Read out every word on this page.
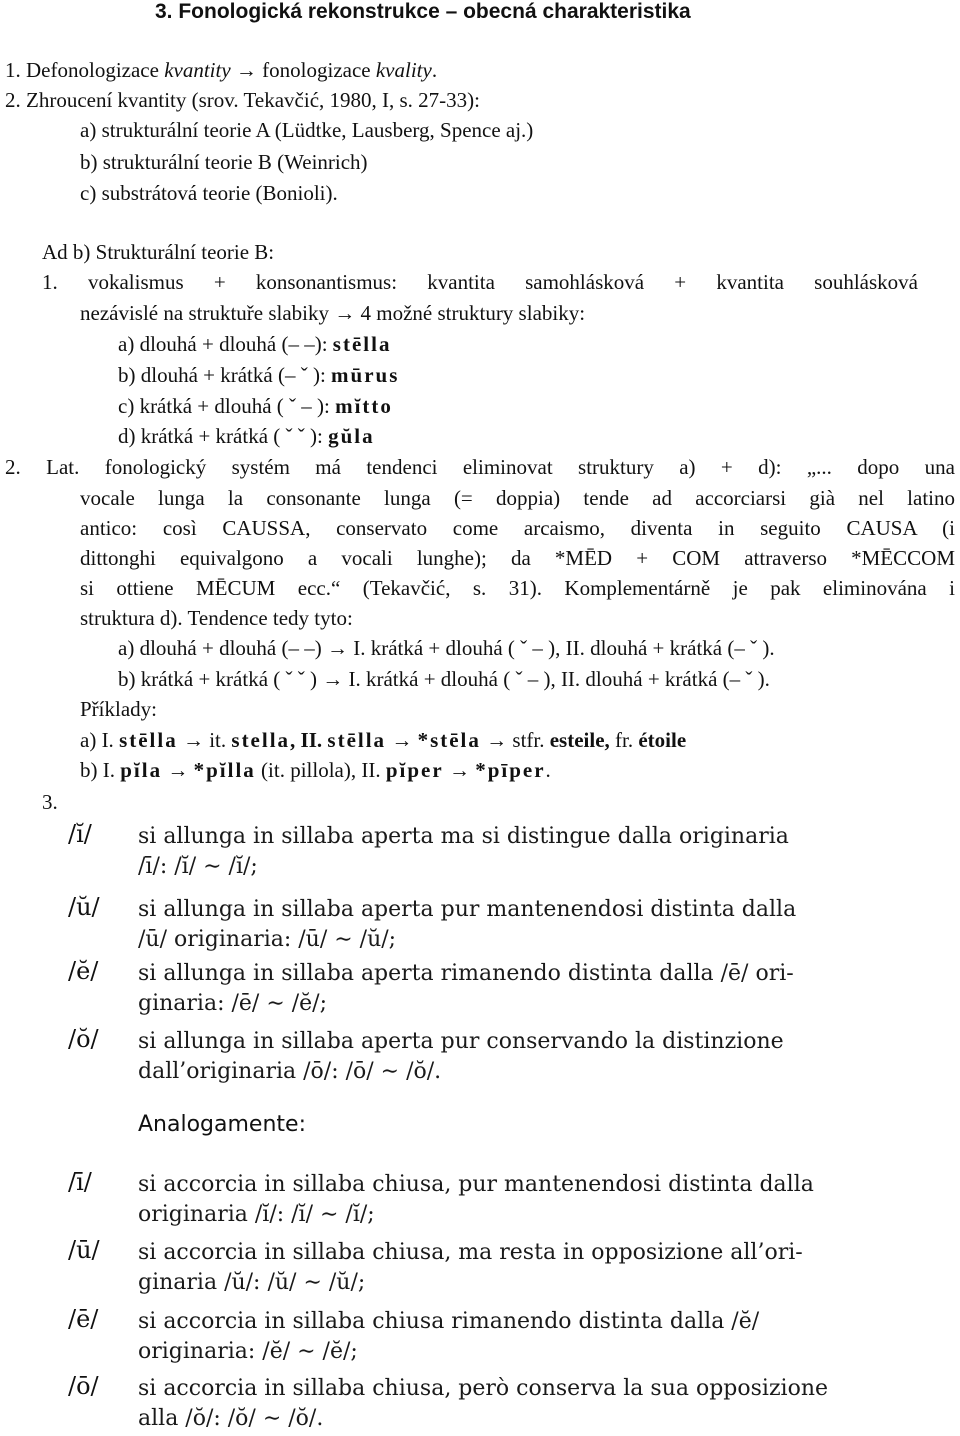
3. Fonologická rekonstrukce – obecná charakteristika
1. Defonologizace kvantity → fonologizace kvality.
2. Zhroucení kvantity (srov. Tekavčić, 1980, I, s. 27-33):
a) strukturální teorie A (Lüdtke, Lausberg, Spence aj.)
b) strukturální teorie B (Weinrich)
c) substrátová teorie (Bonioli).
Ad b) Strukturální teorie B:
1. vokalismus + konsonantismus: kvantita samohlásková + kvantita souhlásková
nezávislé na struktuře slabiky → 4 možné struktury slabiky:
a) dlouhá + dlouhá (– –): stēlla
b) dlouhá + krátká (– ˇ ): mūrus
c) krátká + dlouhá ( ˇ – ): mĭtto
d) krátká + krátká ( ˇ ˇ ): gŭla
2. Lat. fonologický systém má tendenci eliminovat struktury a) + d): „... dopo una
vocale lunga la consonante lunga (= doppia) tende ad accorciarsi già nel latino
antico: così CAUSSA, conservato come arcaismo, diventa in seguito CAUSA (i
dittonghi equivalgono a vocali lunghe); da *MĒD + COM attraverso *MĒCCOM
si ottiene MĒCUM ecc.“ (Tekavčić, s. 31). Komplementárně je pak eliminována i
struktura d). Tendence tedy tyto:
a) dlouhá + dlouhá (– –) → I. krátká + dlouhá ( ˇ – ), II. dlouhá + krátká (– ˇ ).
b) krátká + krátká ( ˇ ˇ ) → I. krátká + dlouhá ( ˇ – ), II. dlouhá + krátká (– ˇ ).
Příklady:
a) I. stēlla → it. stella, II. stēlla → *stēla → stfr. esteile, fr. étoile
b) I. pĭla → *pĭlla (it. pillola), II. pĭper → *pīper.
3.
/ĭ/ si allunga in sillaba aperta ma si distingue dalla originaria
/ī/: /ĭ/ ∼ /ĭ/;
/ŭ/ si allunga in sillaba aperta pur mantenendosi distinta dalla
/ū/ originaria: /ū/ ∼ /ŭ/;
/ĕ/ si allunga in sillaba aperta rimanendo distinta dalla /ē/ ori-
ginaria: /ē/ ∼ /ĕ/;
/ŏ/ si allunga in sillaba aperta pur conservando la distinzione
dall’originaria /ō/: /ō/ ∼ /ŏ/.
Analogamente:
/ī/ si accorcia in sillaba chiusa, pur mantenendosi distinta dalla
originaria /ĭ/: /ĭ/ ∼ /ĭ/;
/ū/ si accorcia in sillaba chiusa, ma resta in opposizione all’ori-
ginaria /ŭ/: /ŭ/ ∼ /ŭ/;
/ē/ si accorcia in sillaba chiusa rimanendo distinta dalla /ĕ/
originaria: /ĕ/ ∼ /ĕ/;
/ō/ si accorcia in sillaba chiusa, però conserva la sua opposizione
alla /ŏ/: /ŏ/ ∼ /ŏ/.
